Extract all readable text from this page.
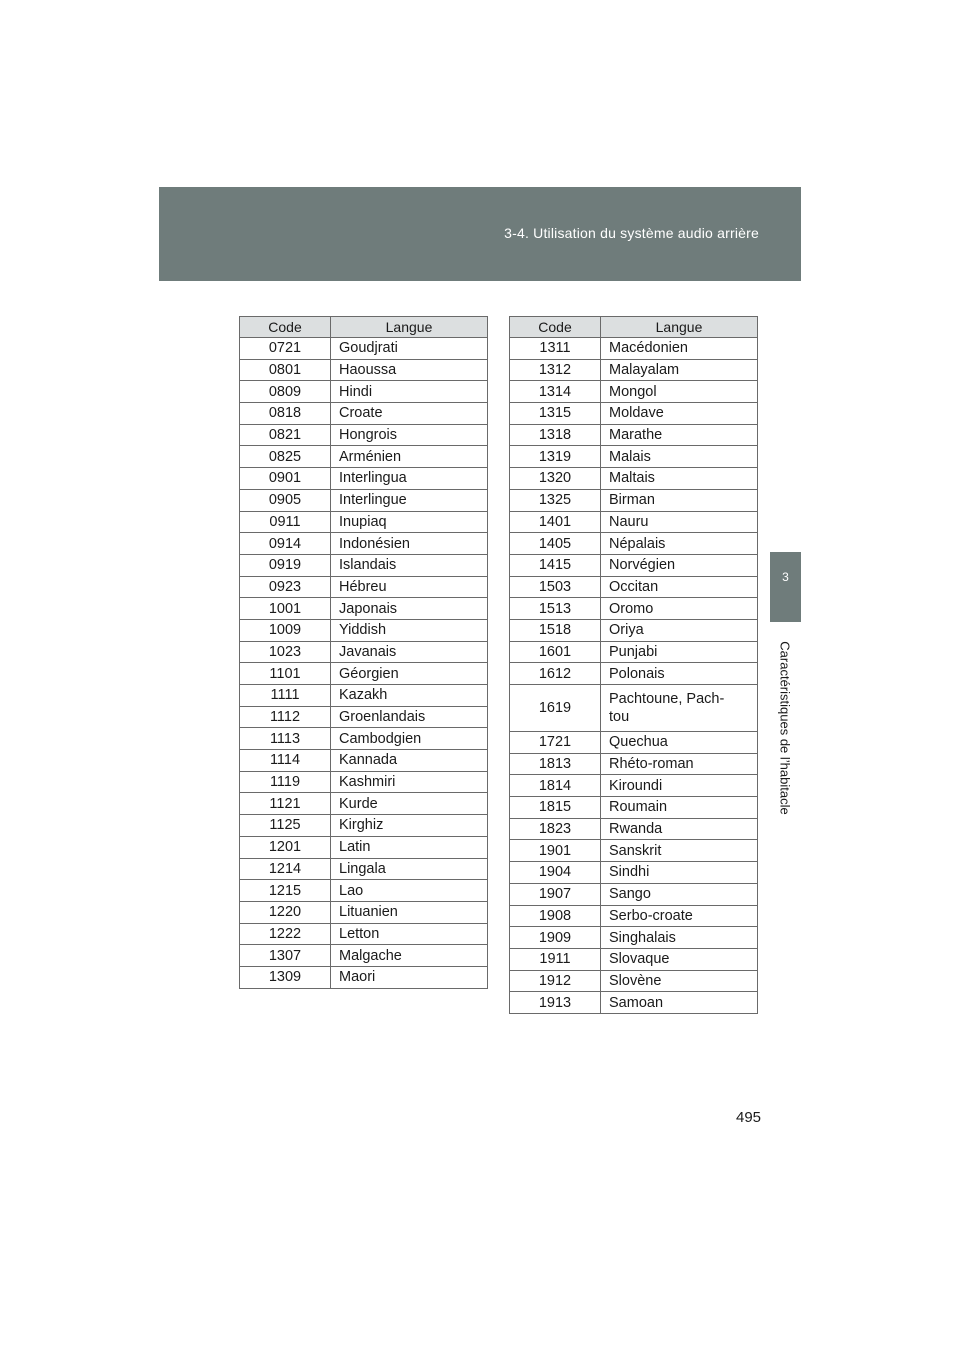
3-4. Utilisation du système audio arrière
3
Caractéristiques de l’habitacle
Code	Langue
0721	Goudjrati
0801	Haoussa
0809	Hindi
0818	Croate
0821	Hongrois
0825	Arménien
0901	Interlingua
0905	Interlingue
0911	Inupiaq
0914	Indonésien
0919	Islandais
0923	Hébreu
1001	Japonais
1009	Yiddish
1023	Javanais
1101	Géorgien
1111	Kazakh
1112	Groenlandais
1113	Cambodgien
1114	Kannada
1119	Kashmiri
1121	Kurde
1125	Kirghiz
1201	Latin
1214	Lingala
1215	Lao
1220	Lituanien
1222	Letton
1307	Malgache
1309	Maori
Code	Langue
1311	Macédonien
1312	Malayalam
1314	Mongol
1315	Moldave
1318	Marathe
1319	Malais
1320	Maltais
1325	Birman
1401	Nauru
1405	Népalais
1415	Norvégien
1503	Occitan
1513	Oromo
1518	Oriya
1601	Punjabi
1612	Polonais
1619	Pachtoune, Pach-
tou
1721	Quechua
1813	Rhéto-roman
1814	Kiroundi
1815	Roumain
1823	Rwanda
1901	Sanskrit
1904	Sindhi
1907	Sango
1908	Serbo-croate
1909	Singhalais
1911	Slovaque
1912	Slovène
1913	Samoan
495
